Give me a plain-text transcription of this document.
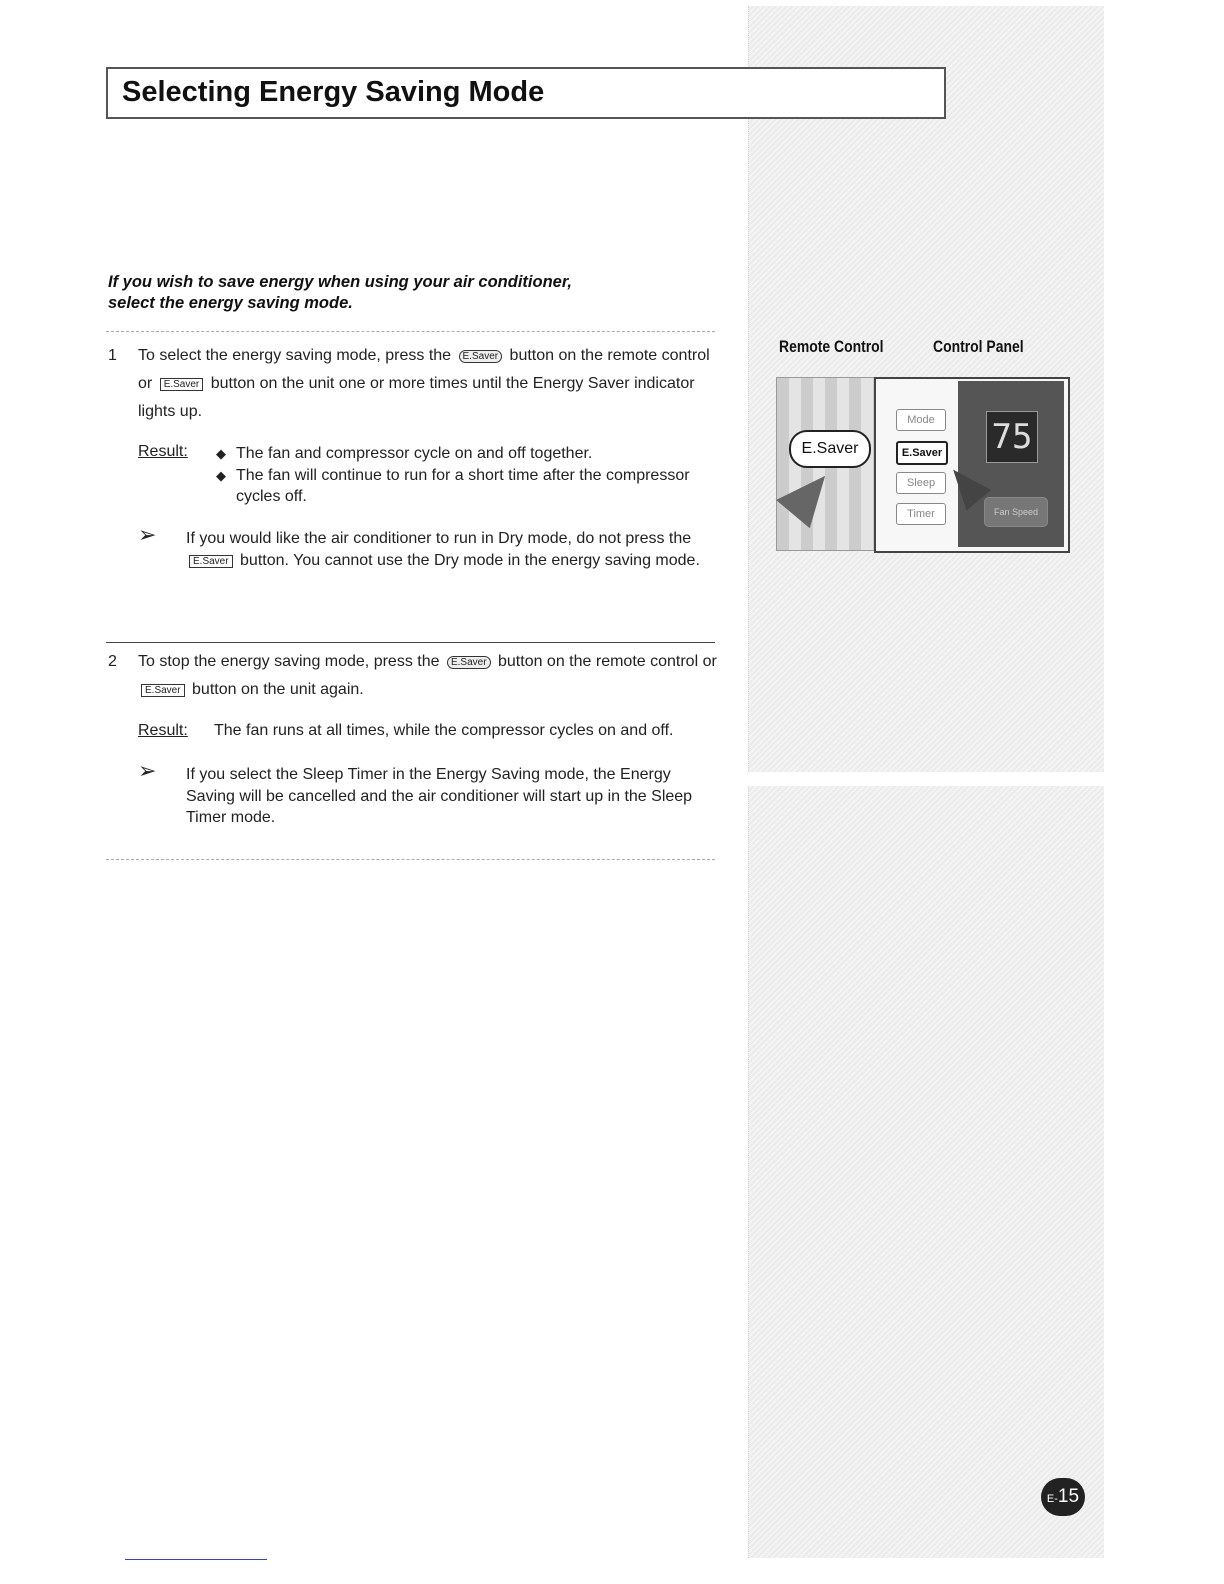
Selecting Energy Saving Mode
If you wish to save energy when using your air conditioner,
select the energy saving mode.
1 To select the energy saving mode, press the E.Saver button on the remote control or E.Saver button on the unit one or more times until the Energy Saver indicator lights up.
Result: ◆ The fan and compressor cycle on and off together.
◆ The fan will continue to run for a short time after the compressor cycles off.
➢ If you would like the air conditioner to run in Dry mode, do not press the E.Saver button. You cannot use the Dry mode in the energy saving mode.
2 To stop the energy saving mode, press the E.Saver button on the remote control or E.Saver button on the unit again.
Result: The fan runs at all times, while the compressor cycles on and off.
➢ If you select the Sleep Timer in the Energy Saving mode, the Energy Saving will be cancelled and the air conditioner will start up in the Sleep Timer mode.
Remote Control	Control Panel
E.Saver	75
Fan Speed
Mode
E.Saver
Sleep
Timer
E-15
